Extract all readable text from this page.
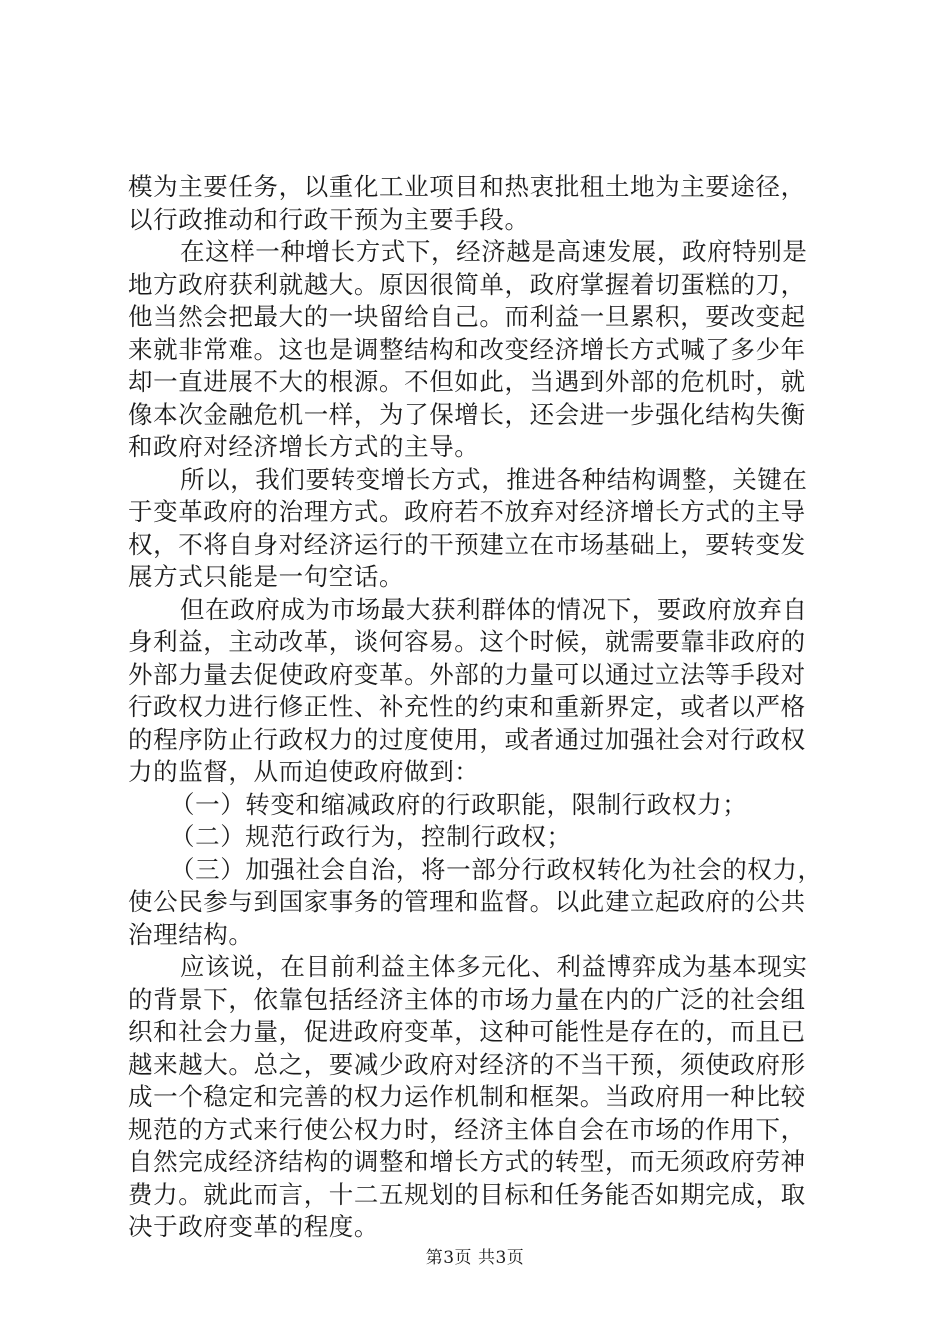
模为主要任务，以重化工业项目和热衷批租土地为主要途径，
以行政推动和行政干预为主要手段。
在这样一种增长方式下，经济越是高速发展，政府特别是
地方政府获利就越大。原因很简单，政府掌握着切蛋糕的刀，
他当然会把最大的一块留给自己。而利益一旦累积，要改变起
来就非常难。这也是调整结构和改变经济增长方式喊了多少年
却一直进展不大的根源。不但如此，当遇到外部的危机时，就
像本次金融危机一样，为了保增长，还会进一步强化结构失衡
和政府对经济增长方式的主导。
所以，我们要转变增长方式，推进各种结构调整，关键在
于变革政府的治理方式。政府若不放弃对经济增长方式的主导
权，不将自身对经济运行的干预建立在市场基础上，要转变发
展方式只能是一句空话。
但在政府成为市场最大获利群体的情况下，要政府放弃自
身利益，主动改革，谈何容易。这个时候，就需要靠非政府的
外部力量去促使政府变革。外部的力量可以通过立法等手段对
行政权力进行修正性、补充性的约束和重新界定，或者以严格
的程序防止行政权力的过度使用，或者通过加强社会对行政权
力的监督，从而迫使政府做到：
（一）转变和缩减政府的行政职能，限制行政权力；
（二）规范行政行为，控制行政权；
（三）加强社会自治，将一部分行政权转化为社会的权力，
使公民参与到国家事务的管理和监督。以此建立起政府的公共
治理结构。
应该说，在目前利益主体多元化、利益博弈成为基本现实
的背景下，依靠包括经济主体的市场力量在内的广泛的社会组
织和社会力量，促进政府变革，这种可能性是存在的，而且已
越来越大。总之，要减少政府对经济的不当干预，须使政府形
成一个稳定和完善的权力运作机制和框架。当政府用一种比较
规范的方式来行使公权力时，经济主体自会在市场的作用下，
自然完成经济结构的调整和增长方式的转型，而无须政府劳神
费力。就此而言，十二五规划的目标和任务能否如期完成，取
决于政府变革的程度。
第3页 共3页
